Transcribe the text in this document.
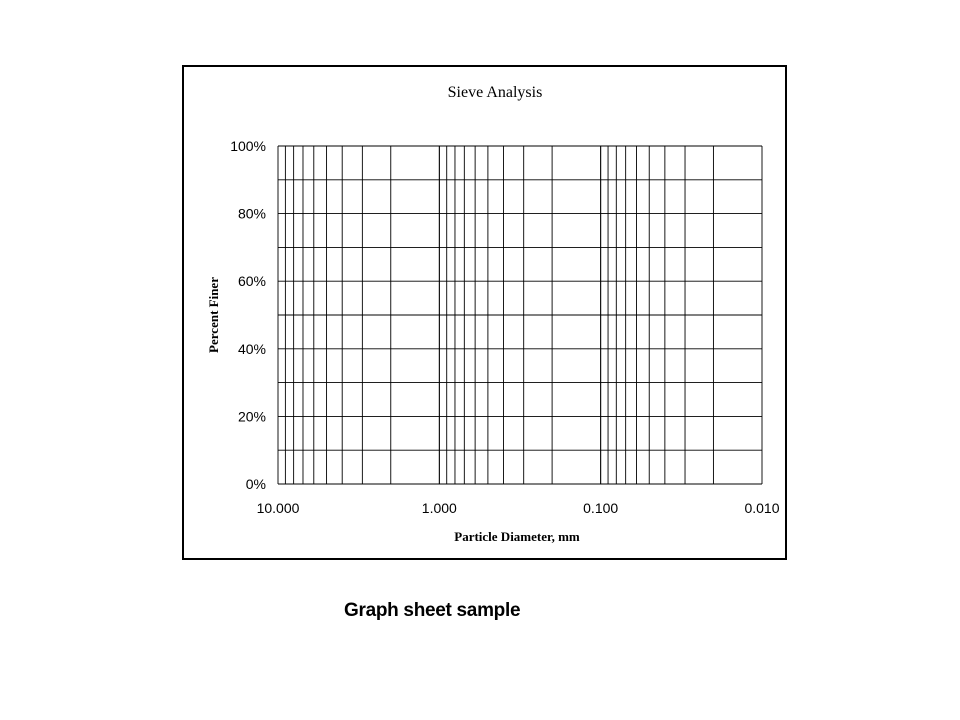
Sieve Analysis
0%
20%
40%
60%
80%
100%
10.000	1.000	0.100	0.010
Particle Diameter, mm
Percent Finer
Graph sheet sample
